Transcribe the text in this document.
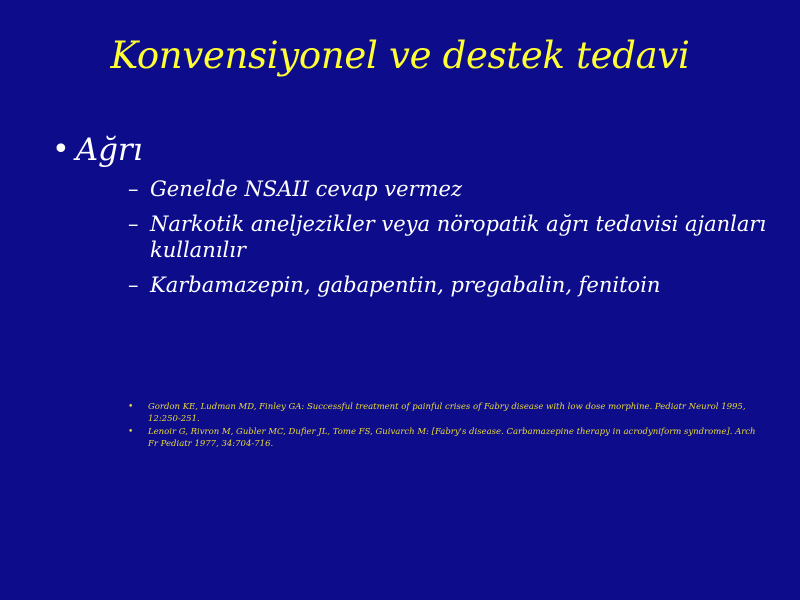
Konvensiyonel ve destek tedavi
• Ağrı
– Genelde NSAII cevap vermez
– Narkotik aneljezikler veya nöropatik ağrı tedavisi ajanları kullanılır
– Karbamazepin, gabapentin, pregabalin, fenitoin
•	Gordon KE, Ludman MD, Finley GA: Successful treatment of painful crises of Fabry disease with low dose morphine. Pediatr Neurol 1995, 12:250-251.
•	Lenoir G, Rivron M, Gubler MC, Dufier JL, Tome FS, Guivarch M: [Fabry's disease. Carbamazepine therapy in acrodyniform syndrome]. Arch Fr Pediatr 1977, 34:704-716.
